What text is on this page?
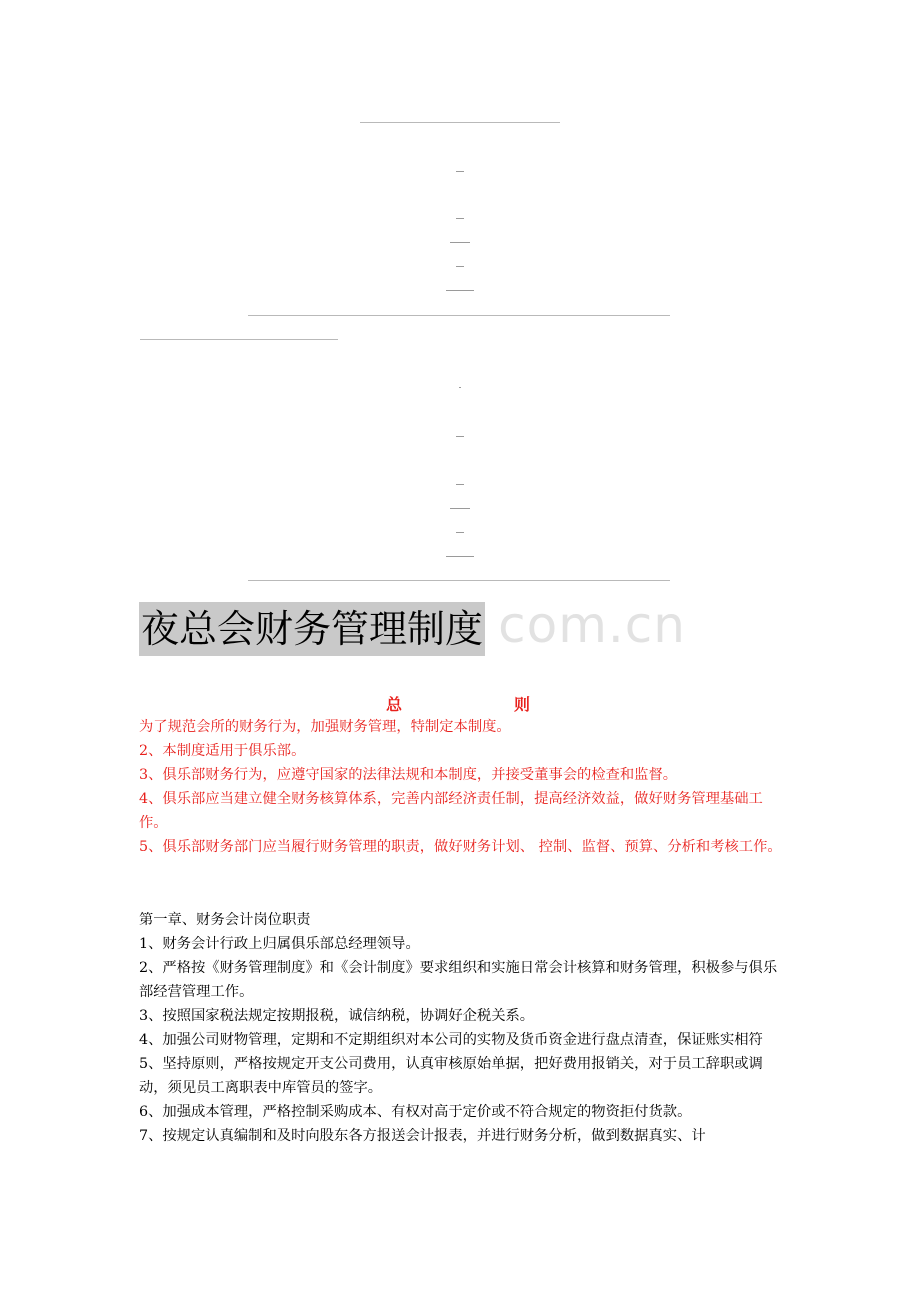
com.cn
夜总会财务管理制度
总	则

为了规范会所的财务行为，加强财务管理，特制定本制度。

2、本制度适用于俱乐部。

3、俱乐部财务行为，应遵守国家的法律法规和本制度，并接受董事会的检查和监督。

4、俱乐部应当建立健全财务核算体系，完善内部经济责任制，提高经济效益，做好财务管理基础工作。

5、俱乐部财务部门应当履行财务管理的职责，做好财务计划、 控制、监督、预算、分析和考核工作。

第一章、财务会计岗位职责

1、财务会计行政上归属俱乐部总经理领导。

2、严格按《财务管理制度》和《会计制度》要求组织和实施日常会计核算和财务管理，积极参与俱乐部经营管理工作。

3、按照国家税法规定按期报税，诚信纳税，协调好企税关系。

4、加强公司财物管理，定期和不定期组织对本公司的实物及货币资金进行盘点清查，保证账实相符

5、坚持原则，严格按规定开支公司费用，认真审核原始单据，把好费用报销关，对于员工辞职或调动，须见员工离职表中库管员的签字。

6、加强成本管理，严格控制采购成本、有权对高于定价或不符合规定的物资拒付货款。

7、按规定认真编制和及时向股东各方报送会计报表，并进行财务分析，做到数据真实、计
